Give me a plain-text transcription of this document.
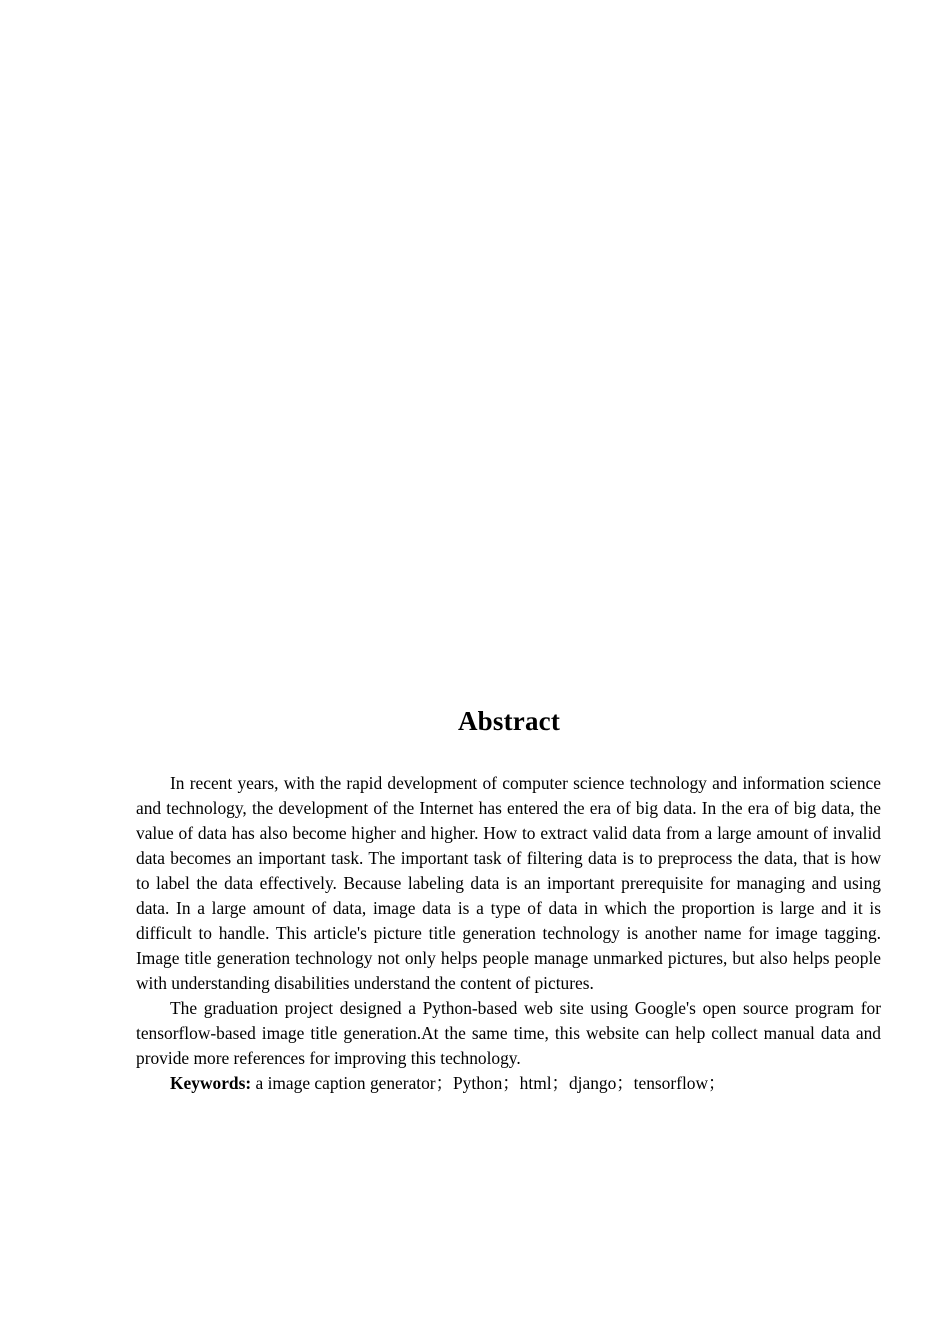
Abstract

In recent years, with the rapid development of computer science technology and information science and technology, the development of the Internet has entered the era of big data. In the era of big data, the value of data has also become higher and higher. How to extract valid data from a large amount of invalid data becomes an important task. The important task of filtering data is to preprocess the data, that is how to label the data effectively. Because labeling data is an important prerequisite for managing and using data. In a large amount of data, image data is a type of data in which the proportion is large and it is difficult to handle. This article's picture title generation technology is another name for image tagging. Image title generation technology not only helps people manage unmarked pictures, but also helps people with understanding disabilities understand the content of pictures.

The graduation project designed a Python-based web site using Google's open source program for tensorflow-based image title generation.At the same time, this website can help collect manual data and provide more references for improving this technology.

Keywords: a image caption generator；Python；html；django；tensorflow；
